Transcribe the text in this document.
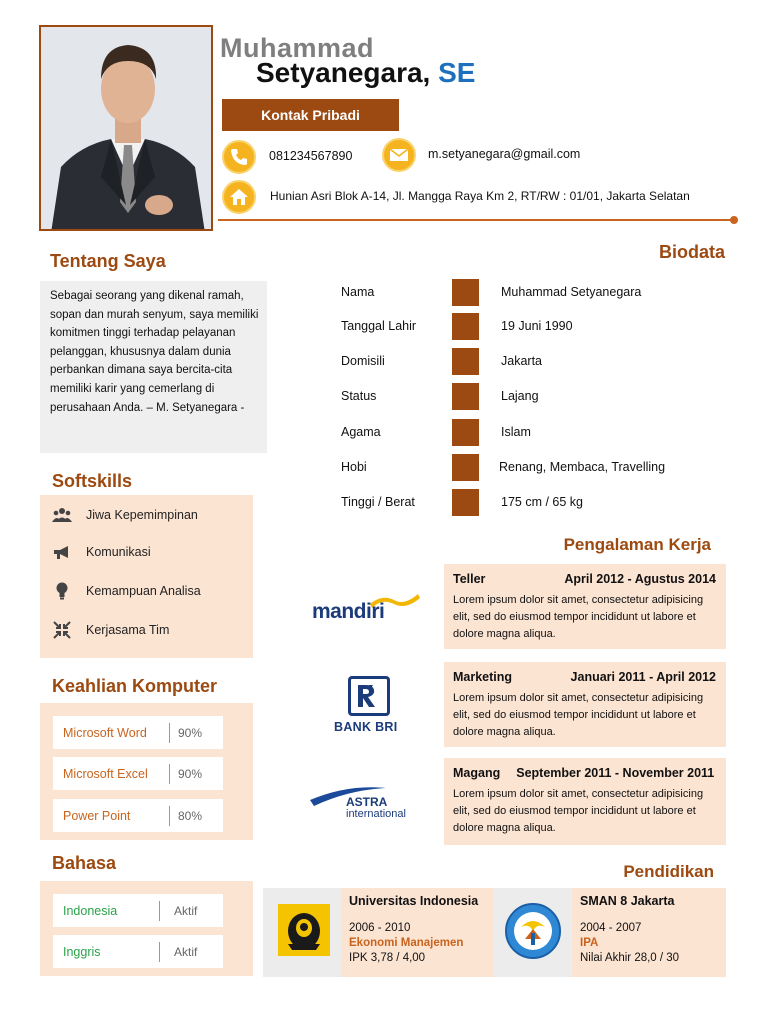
Muhammad
Setyanegara, SE
Kontak Pribadi
081234567890	m.setyanegara@gmail.com
Hunian Asri Blok A-14, Jl. Mangga Raya Km 2, RT/RW : 01/01, Jakarta Selatan
Tentang Saya
Sebagai seorang yang dikenal ramah, sopan dan murah senyum, saya memiliki komitmen tinggi terhadap pelayanan pelanggan, khususnya dalam dunia perbankan dimana saya bercita-cita memiliki karir yang cemerlang di perusahaan Anda. – M. Setyanegara -
Softskills
Jiwa Kepemimpinan
Komunikasi
Kemampuan Analisa
Kerjasama Tim
Keahlian Komputer
Microsoft Word	90%
Microsoft Excel	90%
Power Point	80%
Bahasa
Indonesia	Aktif
Inggris	Aktif
Biodata
Nama	Muhammad Setyanegara
Tanggal Lahir	19 Juni 1990
Domisili	Jakarta
Status	Lajang
Agama	Islam
Hobi	Renang, Membaca, Travelling
Tinggi / Berat	175 cm / 65 kg
Pengalaman Kerja
mandiri
BANK BRI
ASTRA
international
Teller	April 2012 - Agustus 2014
Lorem ipsum dolor sit amet, consectetur adipisicing elit, sed do eiusmod tempor incididunt ut labore et dolore magna aliqua.
Marketing	Januari 2011 - April 2012
Lorem ipsum dolor sit amet, consectetur adipisicing elit, sed do eiusmod tempor incididunt ut labore et dolore magna aliqua.
Magang September 2011 - November 2011
Lorem ipsum dolor sit amet, consectetur adipisicing elit, sed do eiusmod tempor incididunt ut labore et dolore magna aliqua.
Pendidikan
Universitas Indonesia
2006 - 2010
Ekonomi Manajemen
IPK 3,78 / 4,00
SMAN 8 Jakarta
2004 - 2007
IPA
Nilai Akhir 28,0 / 30
